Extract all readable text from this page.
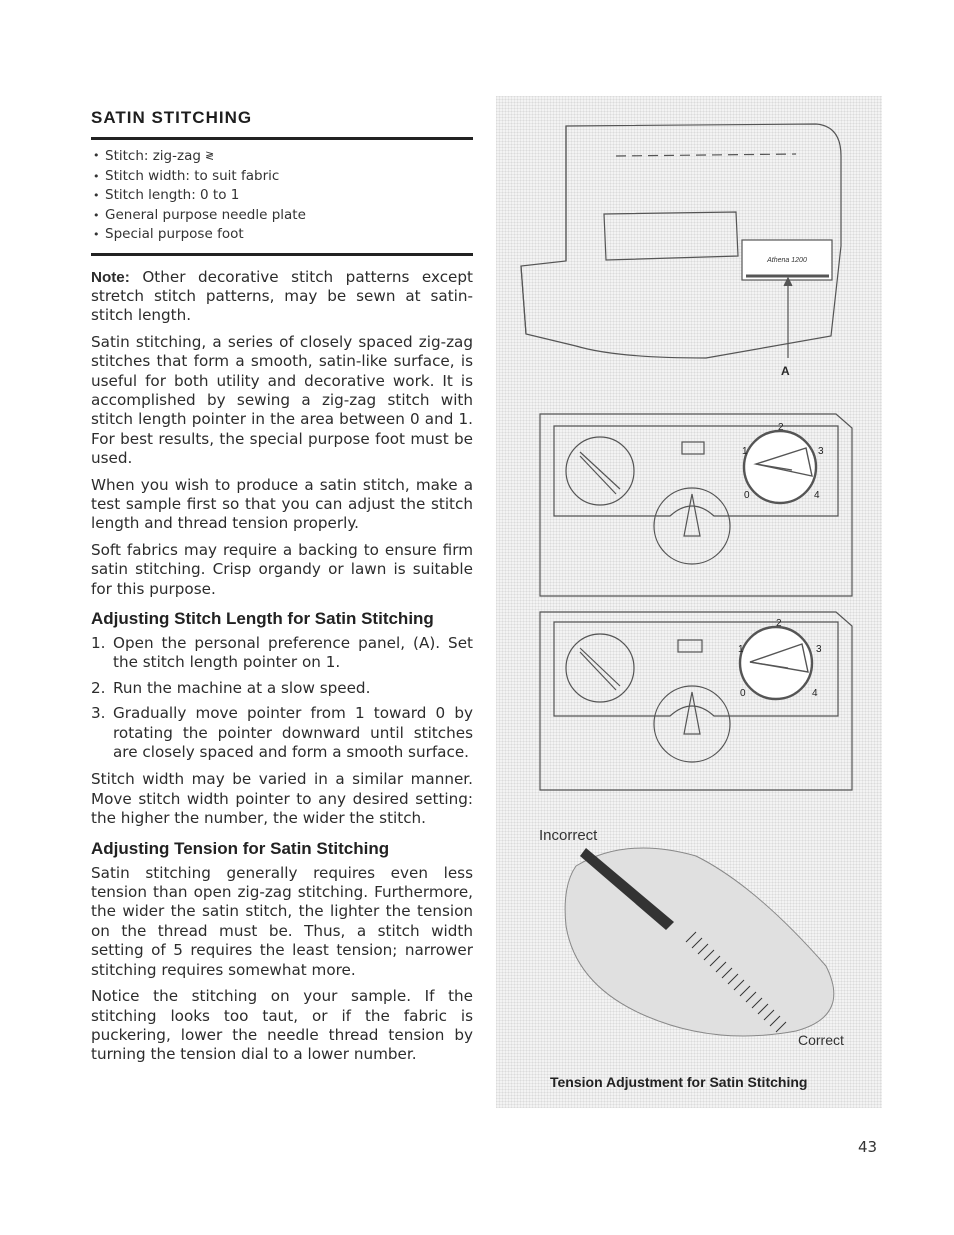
SATIN STITCHING
• Stitch: zig-zag ≷
• Stitch width: to suit fabric
• Stitch length: 0 to 1
• General purpose needle plate
• Special purpose foot

Note: Other decorative stitch patterns except stretch stitch patterns, may be sewn at satin-stitch length.

Satin stitching, a series of closely spaced zig-zag stitches that form a smooth, satin-like surface, is useful for both utility and decorative work. It is accomplished by sewing a zig-zag stitch with stitch length pointer in the area between 0 and 1. For best results, the special purpose foot must be used.

When you wish to produce a satin stitch, make a test sample first so that you can adjust the stitch length and thread tension properly.

Soft fabrics may require a backing to ensure firm satin stitching. Crisp organdy or lawn is suitable for this purpose.

Adjusting Stitch Length for Satin Stitching
1. Open the personal preference panel, (A). Set the stitch length pointer on 1.
2. Run the machine at a slow speed.
3. Gradually move pointer from 1 toward 0 by rotating the pointer downward until stitches are closely spaced and form a smooth surface.

Stitch width may be varied in a similar manner. Move stitch width pointer to any desired setting: the higher the number, the wider the stitch.

Adjusting Tension for Satin Stitching

Satin stitching generally requires even less tension than open zig-zag stitching. Furthermore, the wider the satin stitch, the lighter the tension on the thread must be. Thus, a stitch width setting of 5 requires the least tension; narrower stitching requires somewhat more.

Notice the stitching on your sample. If the stitching looks too taut, or if the fabric is puckering, lower the needle thread tension by turning the tension dial to a lower number.

Athena 1200
1
2
3
0	4
1
2
3
0	4
A
Incorrect
Correct
Tension Adjustment for Satin Stitching
43
